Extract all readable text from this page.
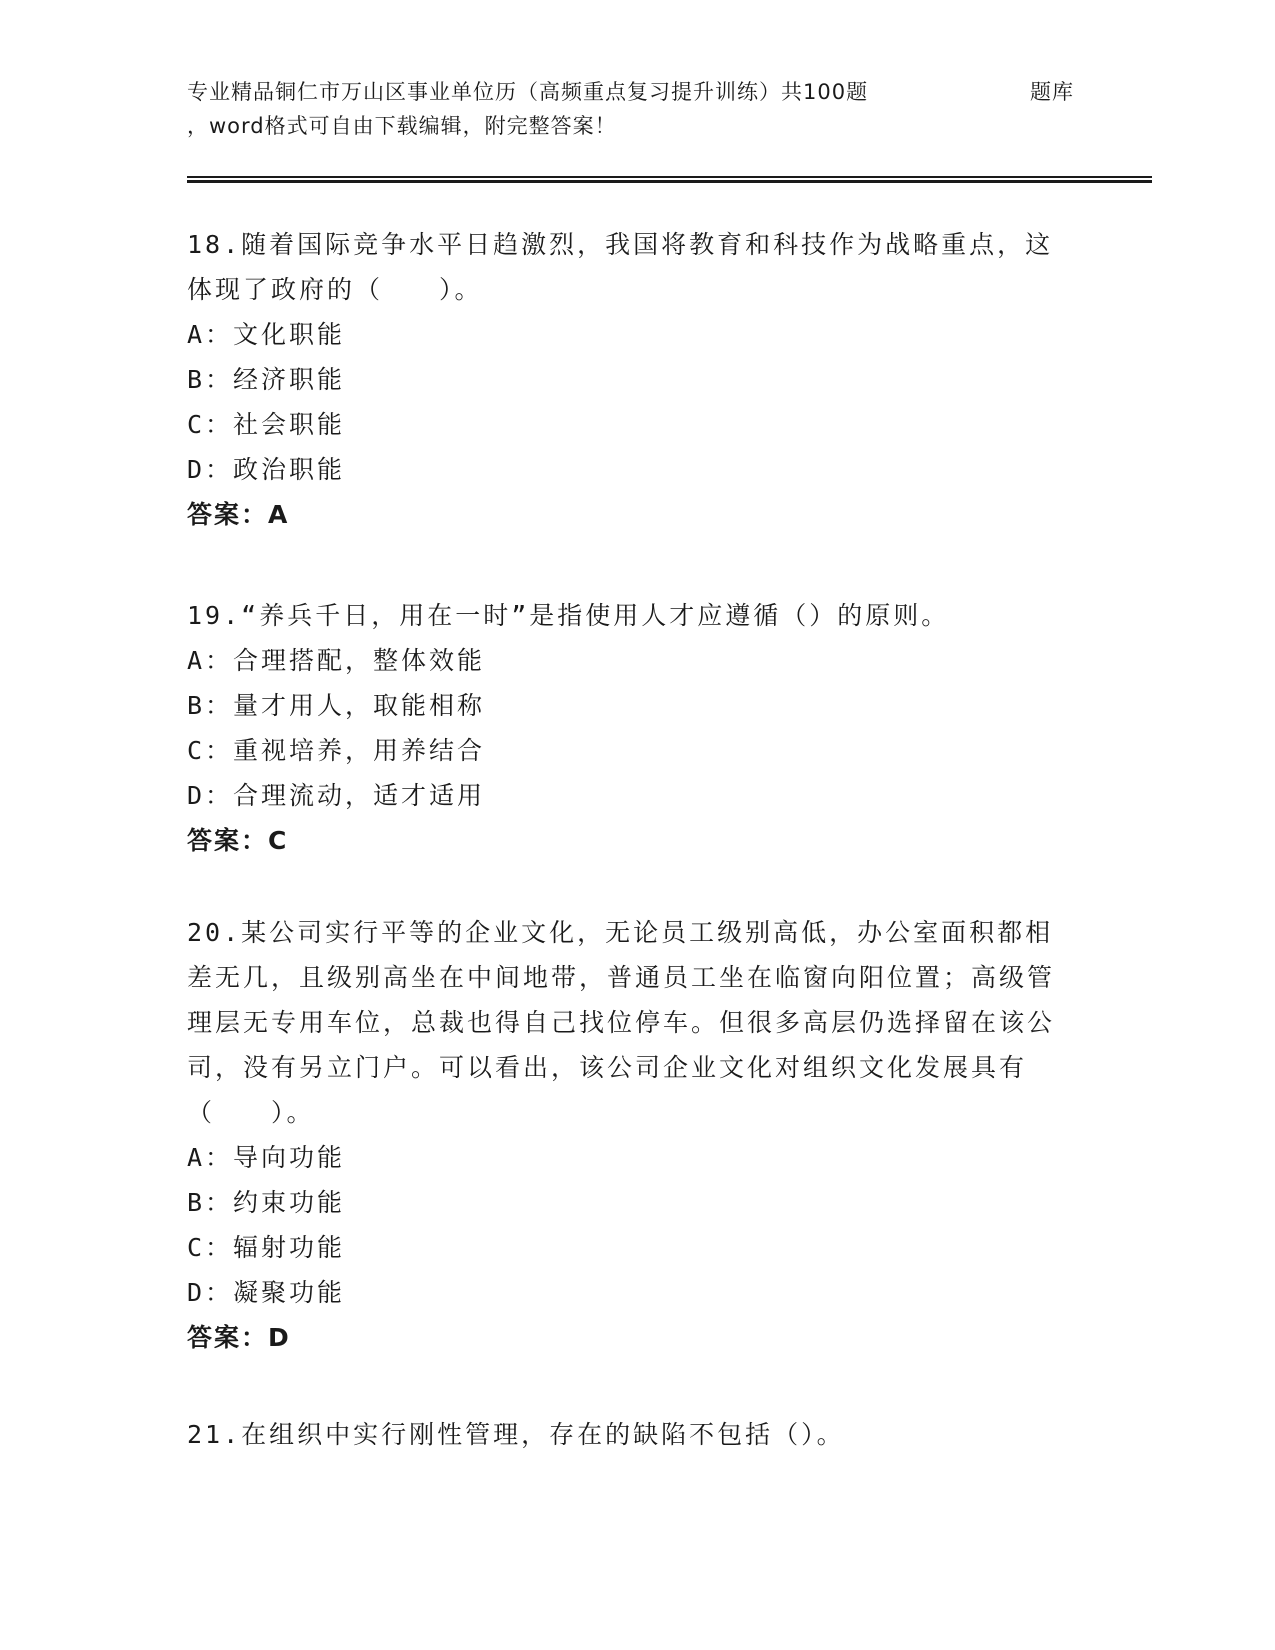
专业精品铜仁市万山区事业单位历（高频重点复习提升训练）共100题	题库
，word格式可自由下载编辑，附完整答案！

18.随着国际竞争水平日趋激烈，我国将教育和科技作为战略重点，这体现了政府的（　　）。

A：文化职能

B：经济职能

C：社会职能

D：政治职能

答案：A

19.“养兵千日，用在一时”是指使用人才应遵循（）的原则。

A：合理搭配，整体效能

B：量才用人，取能相称

C：重视培养，用养结合

D：合理流动，适才适用

答案：C

20.某公司实行平等的企业文化，无论员工级别高低，办公室面积都相差无几，且级别高坐在中间地带，普通员工坐在临窗向阳位置；高级管理层无专用车位，总裁也得自己找位停车。但很多高层仍选择留在该公司，没有另立门户。可以看出，该公司企业文化对组织文化发展具有（　　）。

A：导向功能

B：约束功能

C：辐射功能

D：凝聚功能

答案：D

21.在组织中实行刚性管理，存在的缺陷不包括（）。
